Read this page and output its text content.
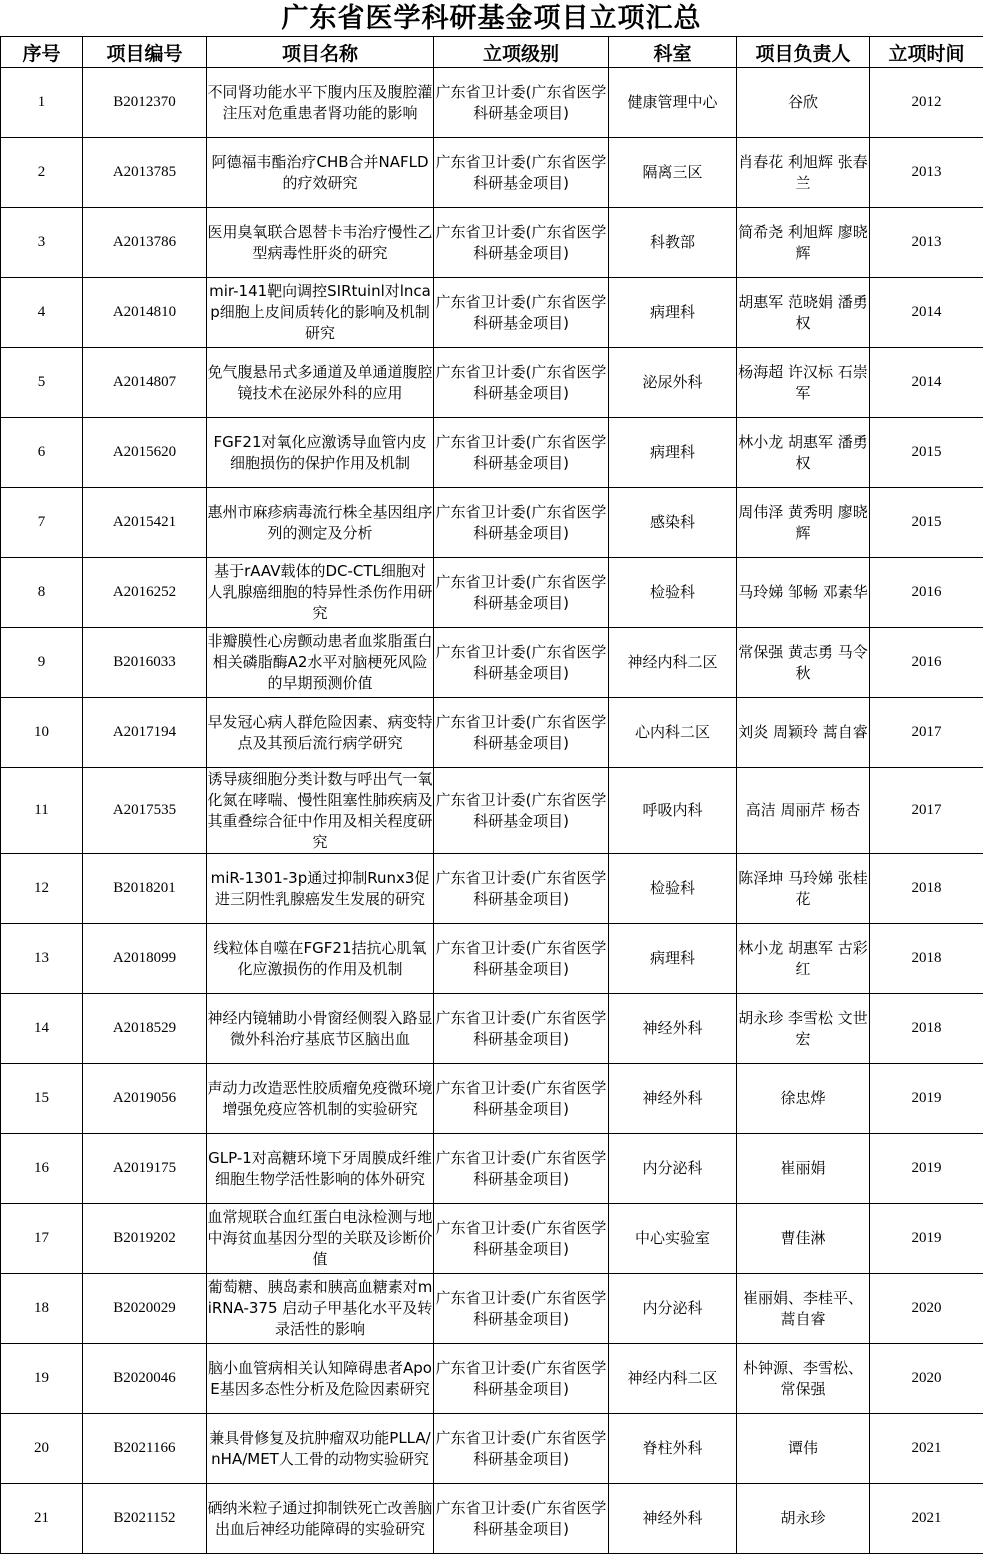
广东省医学科研基金项目立项汇总
序号	项目编号	项目名称	立项级别	科室	项目负责人	立项时间
1	B2012370	不同肾功能水平下腹内压及腹腔灌注压对危重患者肾功能的影响	广东省卫计委(广东省医学科研基金项目)	健康管理中心	谷欣	2012
2	A2013785	阿德福韦酯治疗CHB合并NAFLD的疗效研究	广东省卫计委(广东省医学科研基金项目)	隔离三区	肖春花 利旭辉 张春兰	2013
3	A2013786	医用臭氧联合恩替卡韦治疗慢性乙型病毒性肝炎的研究	广东省卫计委(广东省医学科研基金项目)	科教部	简希尧 利旭辉 廖晓辉	2013
4	A2014810	mir-141靶向调控SIRtuinl对lncap细胞上皮间质转化的影响及机制研究	广东省卫计委(广东省医学科研基金项目)	病理科	胡惠军 范晓娟 潘勇权	2014
5	A2014807	免气腹悬吊式多通道及单通道腹腔镜技术在泌尿外科的应用	广东省卫计委(广东省医学科研基金项目)	泌尿外科	杨海超 许汉标 石崇军	2014
6	A2015620	FGF21对氧化应激诱导血管内皮细胞损伤的保护作用及机制	广东省卫计委(广东省医学科研基金项目)	病理科	林小龙 胡惠军 潘勇权	2015
7	A2015421	惠州市麻疹病毒流行株全基因组序列的测定及分析	广东省卫计委(广东省医学科研基金项目)	感染科	周伟泽 黄秀明 廖晓辉	2015
8	A2016252	基于rAAV载体的DC-CTL细胞对人乳腺癌细胞的特异性杀伤作用研究	广东省卫计委(广东省医学科研基金项目)	检验科	马玲娣 邹畅 邓素华	2016
9	B2016033	非瓣膜性心房颤动患者血浆脂蛋白相关磷脂酶A2水平对脑梗死风险的早期预测价值	广东省卫计委(广东省医学科研基金项目)	神经内科二区	常保强 黄志勇 马令秋	2016
10	A2017194	早发冠心病人群危险因素、病变特点及其预后流行病学研究	广东省卫计委(广东省医学科研基金项目)	心内科二区	刘炎 周颖玲 蒿自睿	2017
11	A2017535	诱导痰细胞分类计数与呼出气一氧化氮在哮喘、慢性阻塞性肺疾病及其重叠综合征中作用及相关程度研究	广东省卫计委(广东省医学科研基金项目)	呼吸内科	高洁 周丽芹 杨杏	2017
12	B2018201	miR-1301-3p通过抑制Runx3促进三阴性乳腺癌发生发展的研究	广东省卫计委(广东省医学科研基金项目)	检验科	陈泽坤 马玲娣 张桂花	2018
13	A2018099	线粒体自噬在FGF21拮抗心肌氧化应激损伤的作用及机制	广东省卫计委(广东省医学科研基金项目)	病理科	林小龙 胡惠军 古彩红	2018
14	A2018529	神经内镜辅助小骨窗经侧裂入路显微外科治疗基底节区脑出血	广东省卫计委(广东省医学科研基金项目)	神经外科	胡永珍 李雪松 文世宏	2018
15	A2019056	声动力改造恶性胶质瘤免疫微环境增强免疫应答机制的实验研究	广东省卫计委(广东省医学科研基金项目)	神经外科	徐忠烨	2019
16	A2019175	GLP-1对高糖环境下牙周膜成纤维细胞生物学活性影响的体外研究	广东省卫计委(广东省医学科研基金项目)	内分泌科	崔丽娟	2019
17	B2019202	血常规联合血红蛋白电泳检测与地中海贫血基因分型的关联及诊断价值	广东省卫计委(广东省医学科研基金项目)	中心实验室	曹佳淋	2019
18	B2020029	葡萄糖、胰岛素和胰高血糖素对miRNA-375 启动子甲基化水平及转录活性的影响	广东省卫计委(广东省医学科研基金项目)	内分泌科	崔丽娟、李桂平、蒿自睿	2020
19	B2020046	脑小血管病相关认知障碍患者ApoE基因多态性分析及危险因素研究	广东省卫计委(广东省医学科研基金项目)	神经内科二区	朴钟源、李雪松、常保强	2020
20	B2021166	兼具骨修复及抗肿瘤双功能PLLA/nHA/MET人工骨的动物实验研究	广东省卫计委(广东省医学科研基金项目)	脊柱外科	谭伟	2021
21	B2021152	硒纳米粒子通过抑制铁死亡改善脑出血后神经功能障碍的实验研究	广东省卫计委(广东省医学科研基金项目)	神经外科	胡永珍	2021
